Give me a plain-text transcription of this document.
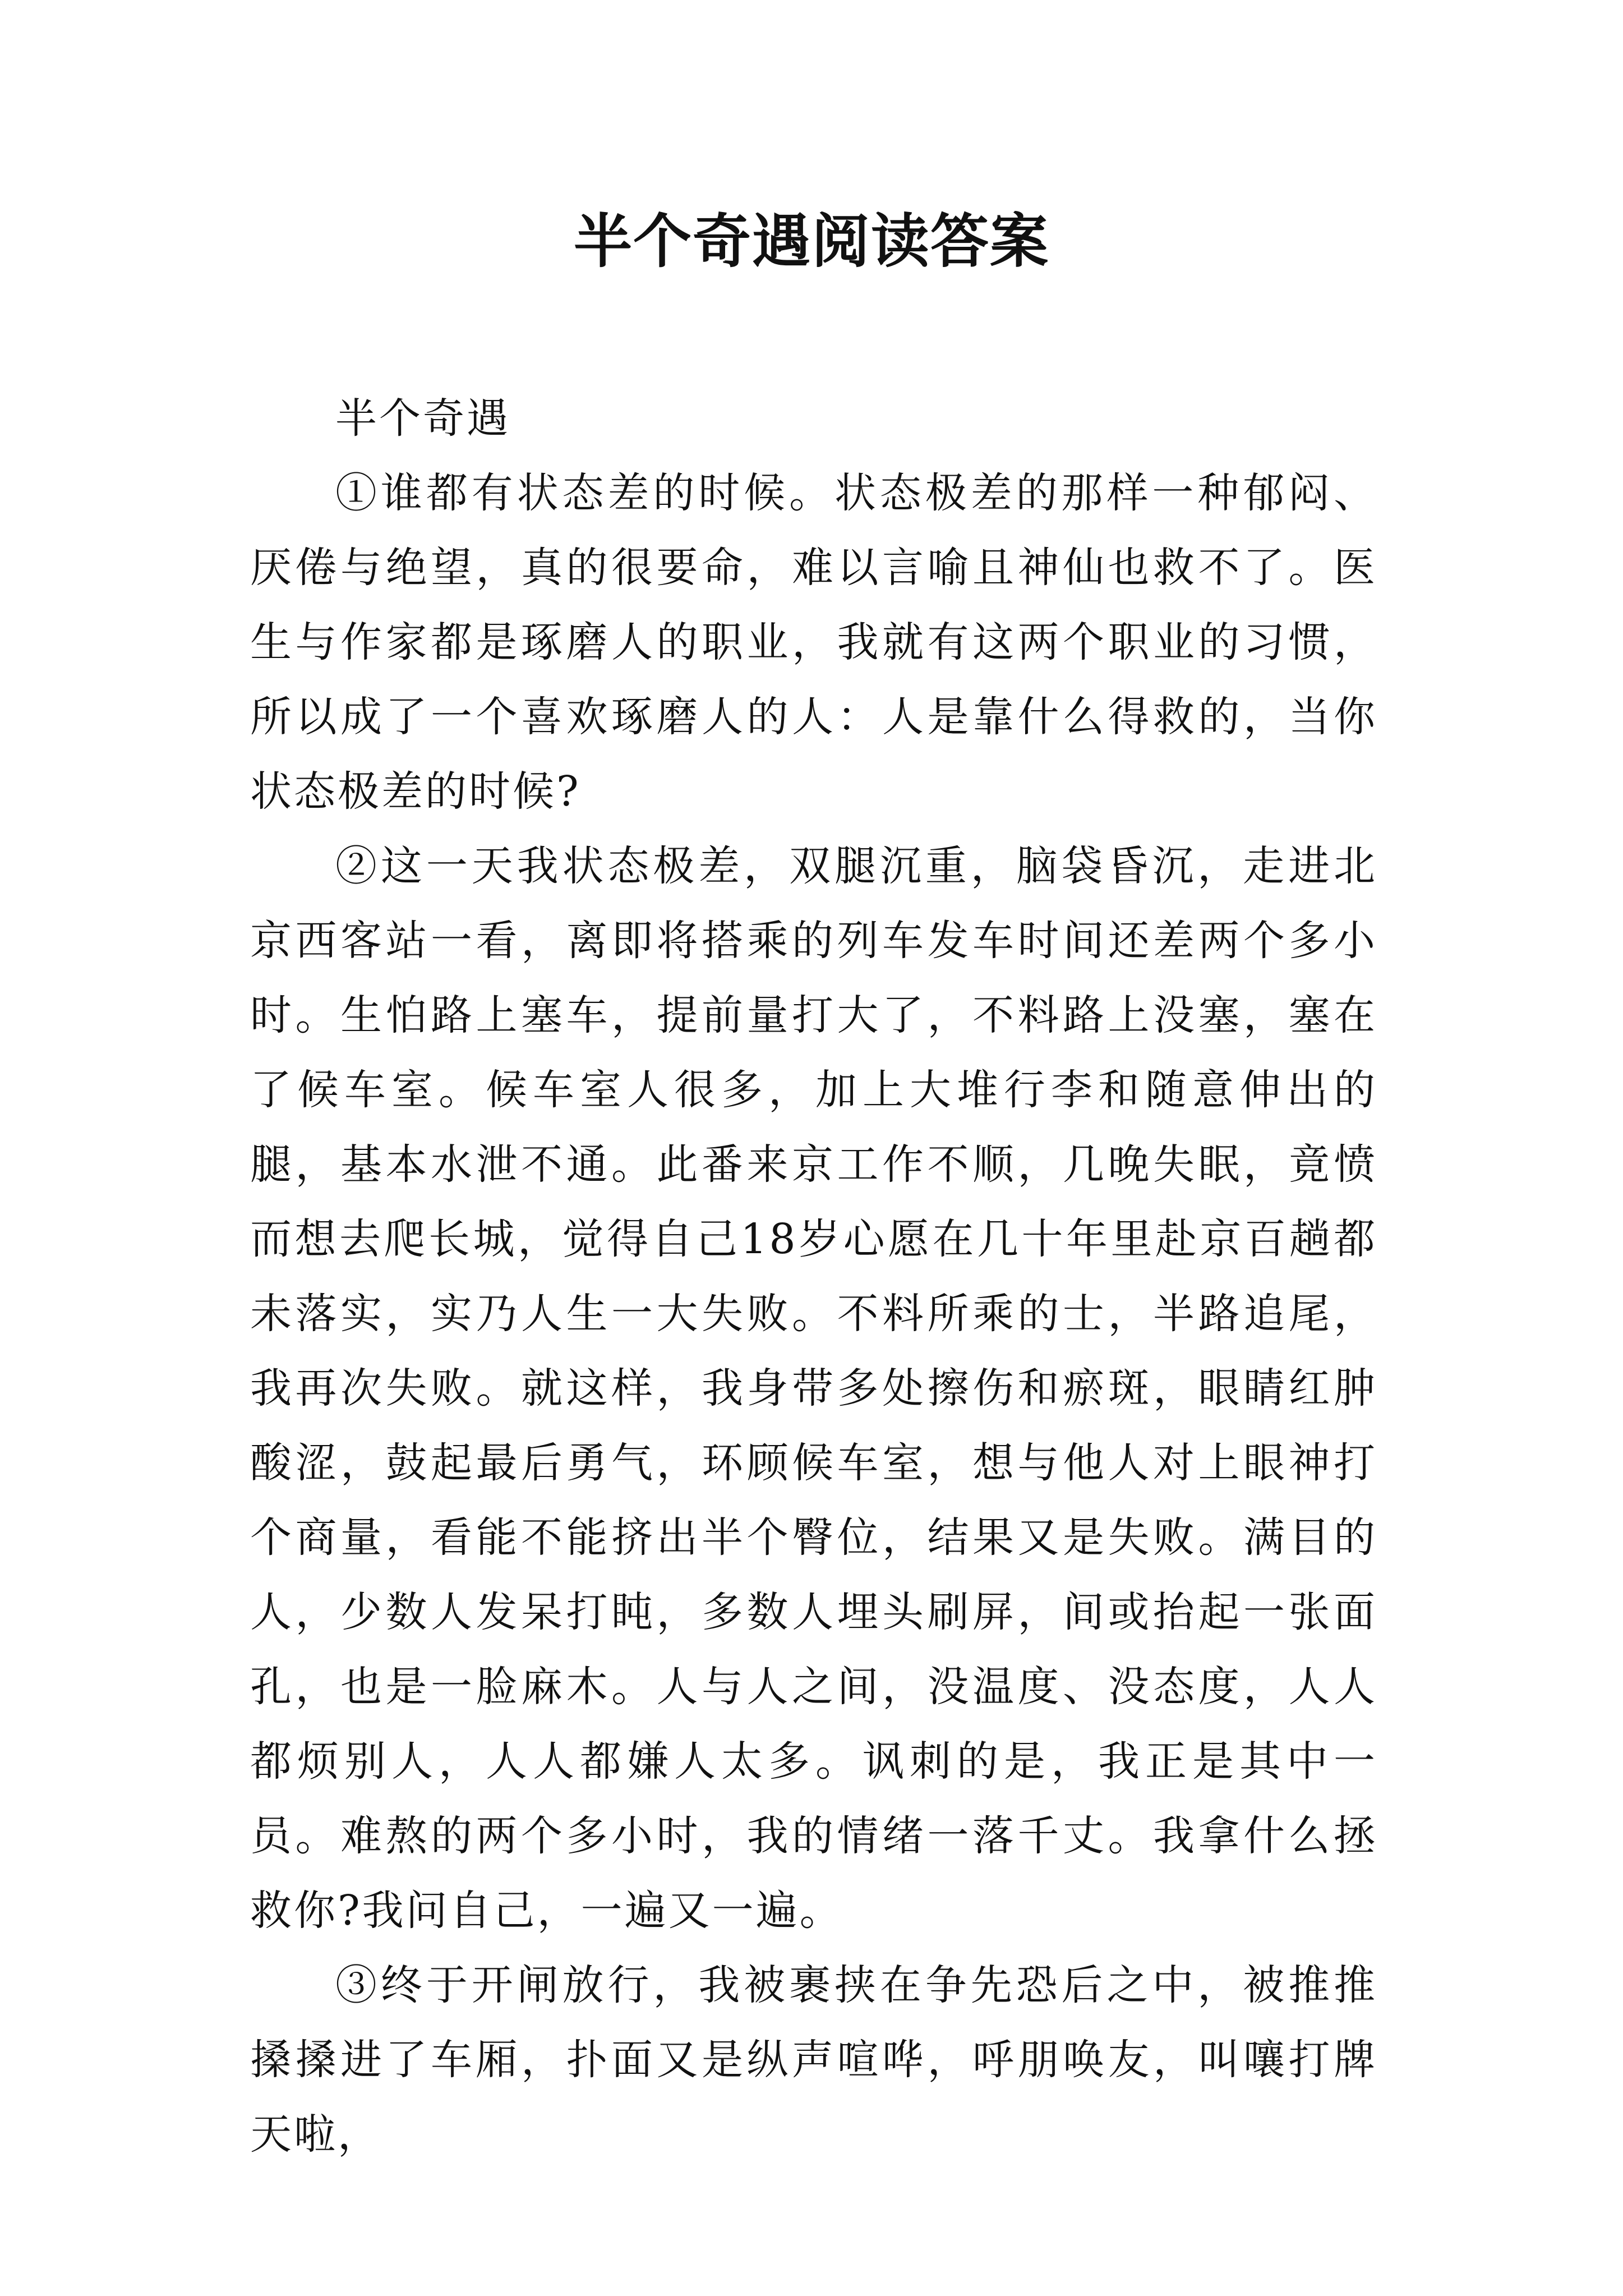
半个奇遇阅读答案

半个奇遇

①谁都有状态差的时候。状态极差的那样一种郁闷、厌倦与绝望，真的很要命，难以言喻且神仙也救不了。医生与作家都是琢磨人的职业，我就有这两个职业的习惯，所以成了一个喜欢琢磨人的人：人是靠什么得救的，当你状态极差的时候?

②这一天我状态极差，双腿沉重，脑袋昏沉，走进北京西客站一看，离即将搭乘的列车发车时间还差两个多小时。生怕路上塞车，提前量打大了，不料路上没塞，塞在了候车室。候车室人很多，加上大堆行李和随意伸出的腿，基本水泄不通。此番来京工作不顺，几晚失眠，竟愤而想去爬长城，觉得自己18岁心愿在几十年里赴京百趟都未落实，实乃人生一大失败。不料所乘的士，半路追尾，我再次失败。就这样，我身带多处擦伤和瘀斑，眼睛红肿酸涩，鼓起最后勇气，环顾候车室，想与他人对上眼神打个商量，看能不能挤出半个臀位，结果又是失败。满目的人，少数人发呆打盹，多数人埋头刷屏，间或抬起一张面孔，也是一脸麻木。人与人之间，没温度、没态度，人人都烦别人，人人都嫌人太多。讽刺的是，我正是其中一员。难熬的两个多小时，我的情绪一落千丈。我拿什么拯救你?我问自己，一遍又一遍。

③终于开闸放行，我被裹挟在争先恐后之中，被推推搡搡进了车厢，扑面又是纵声喧哗，呼朋唤友，叫嚷打牌天啦，
